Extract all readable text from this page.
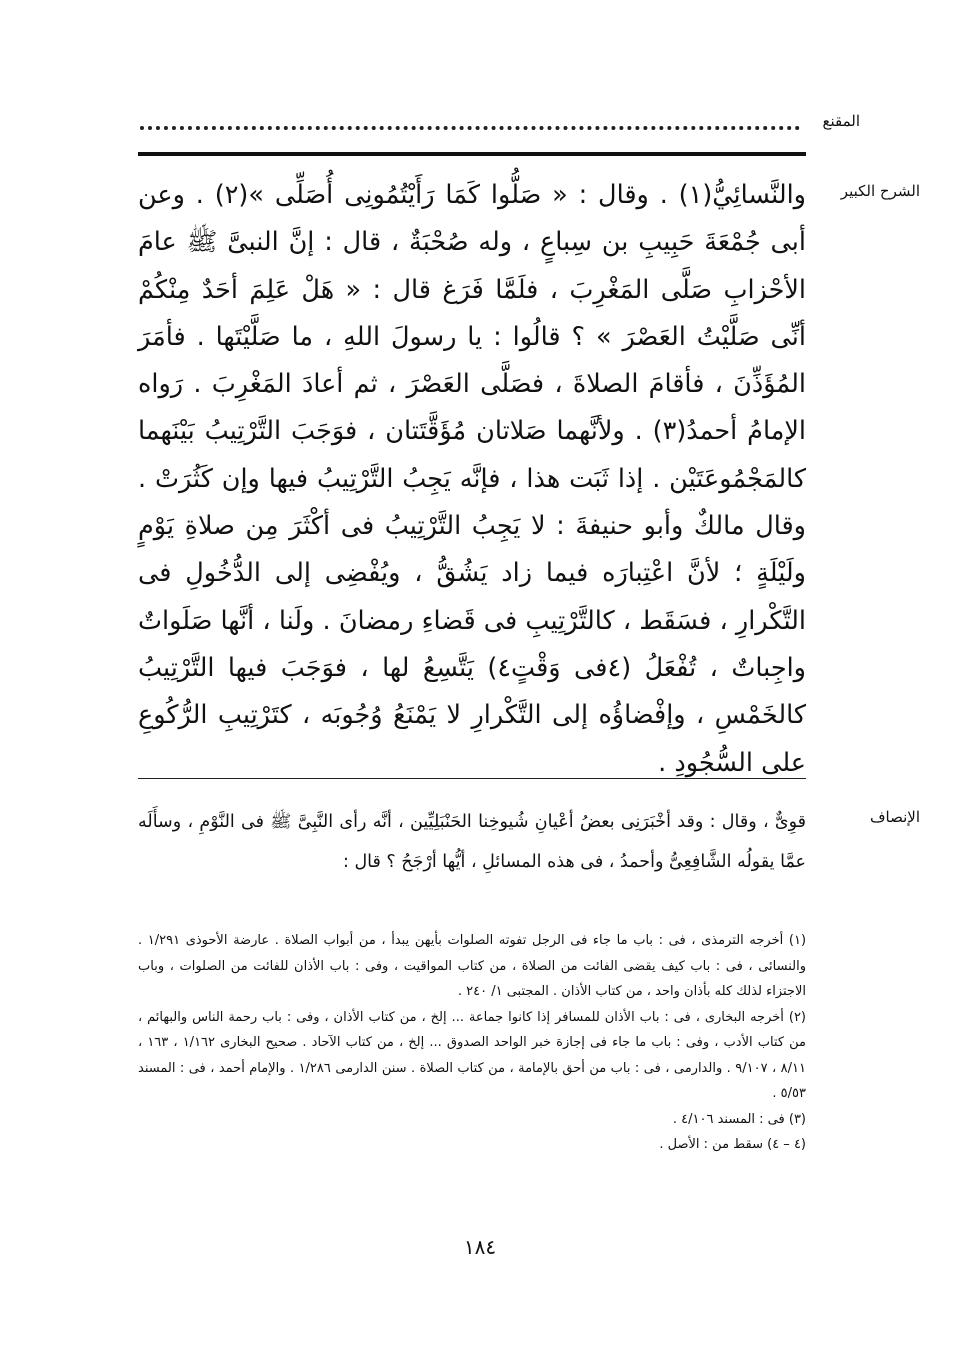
المقنع
الشرح الكبير

والنَّسائِيُّ(١) . وقال : « صَلُّوا كَمَا رَأَيْتُمُونِى أُصَلِّى »(٢) . وعن أبى جُمْعَةَ حَبِيبِ بن سِباعٍ ، وله صُحْبَةٌ ، قال : إنَّ النبىَّ ﷺ عامَ الأحْزابِ صَلَّى المَغْرِبَ ، فلَمَّا فَرَغ قال : « هَلْ عَلِمَ أحَدٌ مِنْكُمْ أنِّى صَلَّيْتُ العَصْرَ » ؟ قالُوا : يا رسولَ اللهِ ، ما صَلَّيْتَها . فأمَرَ المُؤَذِّنَ ، فأقامَ الصلاةَ ، فصَلَّى العَصْرَ ، ثم أعادَ المَغْرِبَ . رَواه الإمامُ أحمدُ(٣) . ولأنَّهما صَلاتان مُؤَقَّتَتان ، فوَجَبَ التَّرْتِيبُ بَيْنَهما كالمَجْمُوعَتَيْن . إذا ثَبَت هذا ، فإنَّه يَجِبُ التَّرْتِيبُ فيها وإن كَثُرَتْ . وقال مالكٌ وأبو حنيفةَ : لا يَجِبُ التَّرْتِيبُ فى أكْثَرَ مِن صلاةِ يَوْمٍ ولَيْلَةٍ ؛ لأنَّ اعْتِبارَه فيما زاد يَشُقُّ ، ويُفْضِى إلى الدُّخُولِ فى التَّكْرارِ ، فسَقَط ، كالتَّرْتِيبِ فى قَضاءِ رمضانَ . ولَنا ، أنَّها صَلَواتٌ واجِباتٌ ، تُفْعَلُ (٤فى وَقْتٍ٤) يَتَّسِعُ لها ، فوَجَبَ فيها التَّرْتِيبُ كالخَمْسِ ، وإفْضاؤُه إلى التَّكْرارِ لا يَمْنَعُ وُجُوبَه ، كتَرْتِيبِ الرُّكُوعِ على السُّجُودِ .

الإنصاف

قوِىٌّ ، وقال : وقد أخْبَرَنِى بعضُ أعْيانِ شُيوخِنا الحَنْبَلِيِّين ، أنَّه رأى النَّبِىَّ ﷺ فى النَّوْمِ ، وسأَلَه عمَّا يقولُه الشَّافِعِىُّ وأحمدُ ، فى هذه المسائلِ ، أيُّها أرْجَحُ ؟ قال :

(١) أخرجه الترمذى ، فى : باب ما جاء فى الرجل تفوته الصلوات بأيهن يبدأ ، من أبواب الصلاة . عارضة الأحوذى ١/٢٩١ . والنسائى ، فى : باب كيف يقضى الفائت من الصلاة ، من كتاب المواقيت ، وفى : باب الأذان للفائت من الصلوات ، وباب الاجتزاء لذلك كله بأذان واحد ، من كتاب الأذان . المجتبى ١/ ٢٤٠ .

(٢) أخرجه البخارى ، فى : باب الأذان للمسافر إذا كانوا جماعة ... إلخ ، من كتاب الأذان ، وفى : باب رحمة الناس والبهائم ، من كتاب الأدب ، وفى : باب ما جاء فى إجازة خبر الواحد الصدوق ... إلخ ، من كتاب الآحاد . صحيح البخارى ١/١٦٢ ، ١٦٣ ، ٨/١١ ، ٩/١٠٧ . والدارمى ، فى : باب من أحق بالإمامة ، من كتاب الصلاة . سنن الدارمى ١/٢٨٦ . والإمام أحمد ، فى : المسند ٥/٥٣ .

(٣) فى : المسند ٤/١٠٦ .

(٤ – ٤) سقط من : الأصل .

١٨٤
